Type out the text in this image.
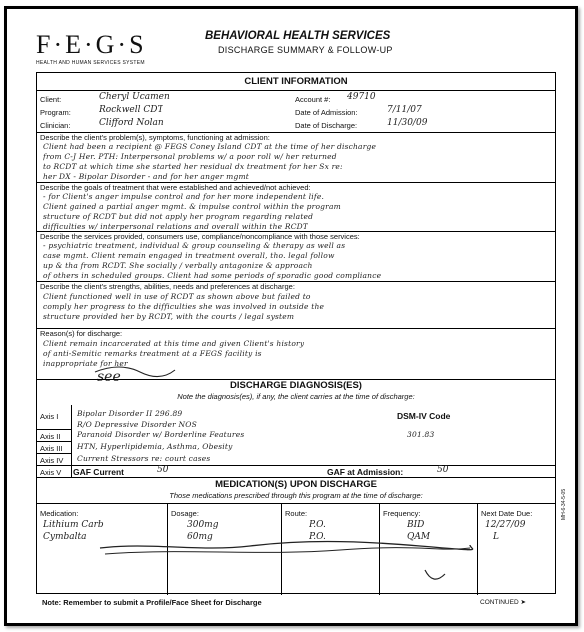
F·E·G·S
HEALTH AND HUMAN SERVICES SYSTEM
BEHAVIORAL HEALTH SERVICES
DISCHARGE SUMMARY & FOLLOW-UP
CLIENT INFORMATION
Client:	Cheryl Ucamen	Account #: 49710
Program:	Rockwell CDT	Date of Admission:	7/11/07
Clinician:	Clifford Nolan	Date of Discharge:	11/30/09
Describe the client's problem(s), symptoms, functioning at admission:
Client had been a recipient @ FEGS Coney Island CDT at the time of her discharge
from C-J Her. PTH: Interpersonal problems w/ a poor roll w/ her returned
to RCDT at which time she started her residual dx treatment for her Sx re:
her DX - Bipolar Disorder - and for her anger mgmt
Describe the goals of treatment that were established and achieved/not achieved:
- for Client's anger impulse control and for her more independent life.
Client gained a partial anger mgmt. & impulse control within the program
structure of RCDT but did not apply her program regarding related
difficulties w/ interpersonal relations and overall within the RCDT
Describe the services provided, consumers use, compliance/noncompliance with those services:
- psychiatric treatment, individual & group counseling & therapy as well as
case mgmt. Client remain engaged in treatment overall, tho. legal follow
up & tha from RCDT. She socially / verbally antagonize & approach
of others in scheduled groups. Client had some periods of sporadic good compliance
Describe the client's strengths, abilities, needs and preferences at discharge:
Client functioned well in use of RCDT as shown above but failed to
comply her progress to the difficulties she was involved in outside the
structure provided her by RCDT, with the courts / legal system
Reason(s) for discharge:
Client remain incarcerated at this time and given Client's history
of anti-Semitic remarks treatment at a FEGS facility is
inappropriate for her
see
DISCHARGE DIAGNOSIS(ES)
Note the diagnosis(es), if any, the client carries at the time of discharge:
DSM-IV Code
Axis I Bipolar Disorder II 296.89
R/O Depressive Disorder NOS
Axis II Paranoid Disorder w/ Borderline Features	301.83
Axis III HTN, Hyperlipidemia, Asthma, Obesity
Axis IV Current Stressors re: court cases
Axis V GAF Current	50	GAF at Admission:	50
MEDICATION(S) UPON DISCHARGE
Those medications prescribed through this program at the time of discharge:
Medication:	Dosage:	Route:	Frequency:	Next Date Due:
Lithium Carb	300mg	P.O.	BID	12/27/09
Cymbalta	60mg	P.O.	QAM	L
Note: Remember to submit a Profile/Face Sheet for Discharge	CONTINUED ➤
MH-6-34-5-05
